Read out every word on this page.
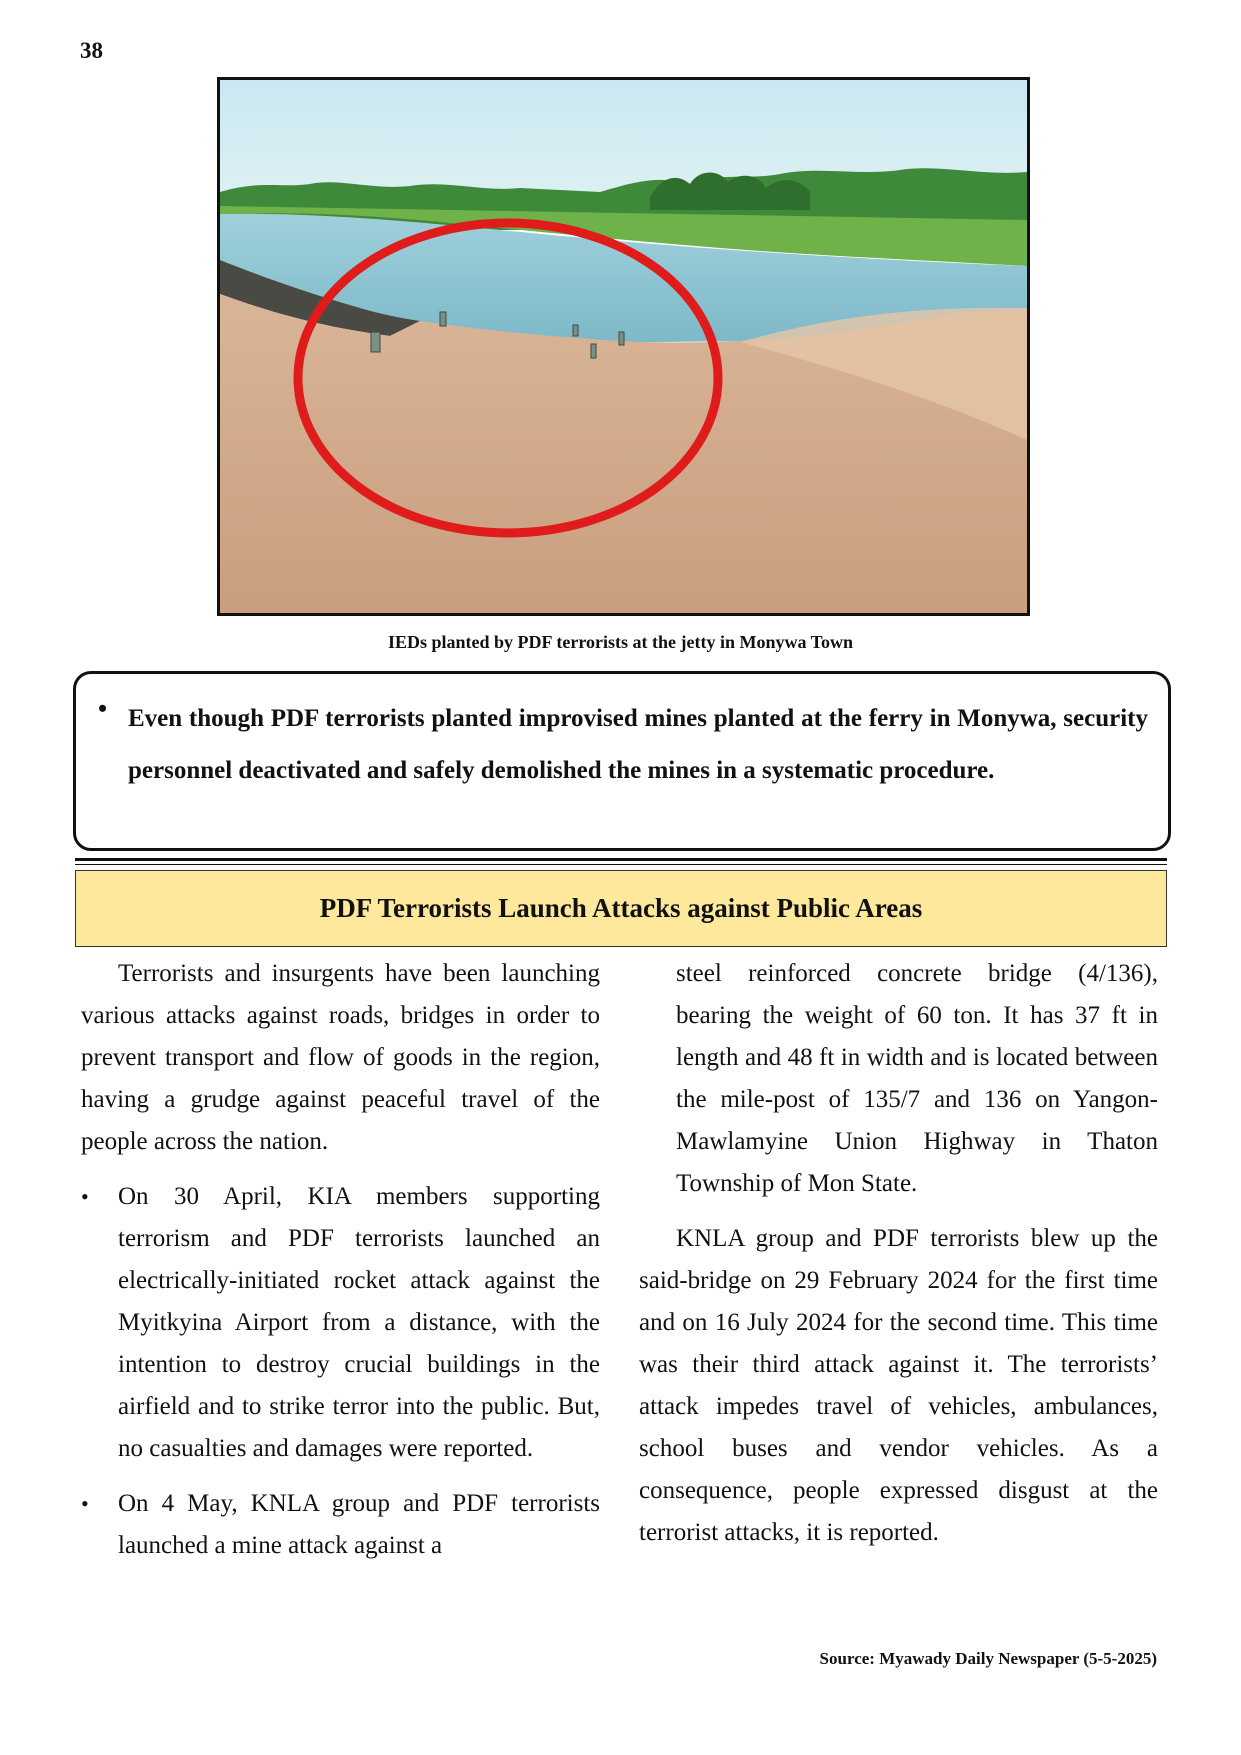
38
IEDs planted by PDF terrorists at the jetty in Monywa Town
• Even though PDF terrorists planted improvised mines planted at the ferry in Monywa, security personnel deactivated and safely demolished the mines in a systematic procedure.

PDF Terrorists Launch Attacks against Public Areas

Terrorists and insurgents have been launching various attacks against roads, bridges in order to prevent transport and flow of goods in the region, having a grudge against peaceful travel of the people across the nation.

• On 30 April, KIA members supporting terrorism and PDF terrorists launched an electrically-initiated rocket attack against the Myitkyina Airport from a distance, with the intention to destroy crucial buildings in the airfield and to strike terror into the public. But, no casualties and damages were reported.

• On 4 May, KNLA group and PDF terrorists launched a mine attack against a

steel reinforced concrete bridge (4/136), bearing the weight of 60 ton. It has 37 ft in length and 48 ft in width and is located between the mile-post of 135/7 and 136 on Yangon-Mawlamyine Union Highway in Thaton Township of Mon State.

KNLA group and PDF terrorists blew up the said-bridge on 29 February 2024 for the first time and on 16 July 2024 for the second time. This time was their third attack against it. The terrorists’ attack impedes travel of vehicles, ambulances, school buses and vendor vehicles. As a consequence, people expressed disgust at the terrorist attacks, it is reported.

Source: Myawady Daily Newspaper (5-5-2025)
